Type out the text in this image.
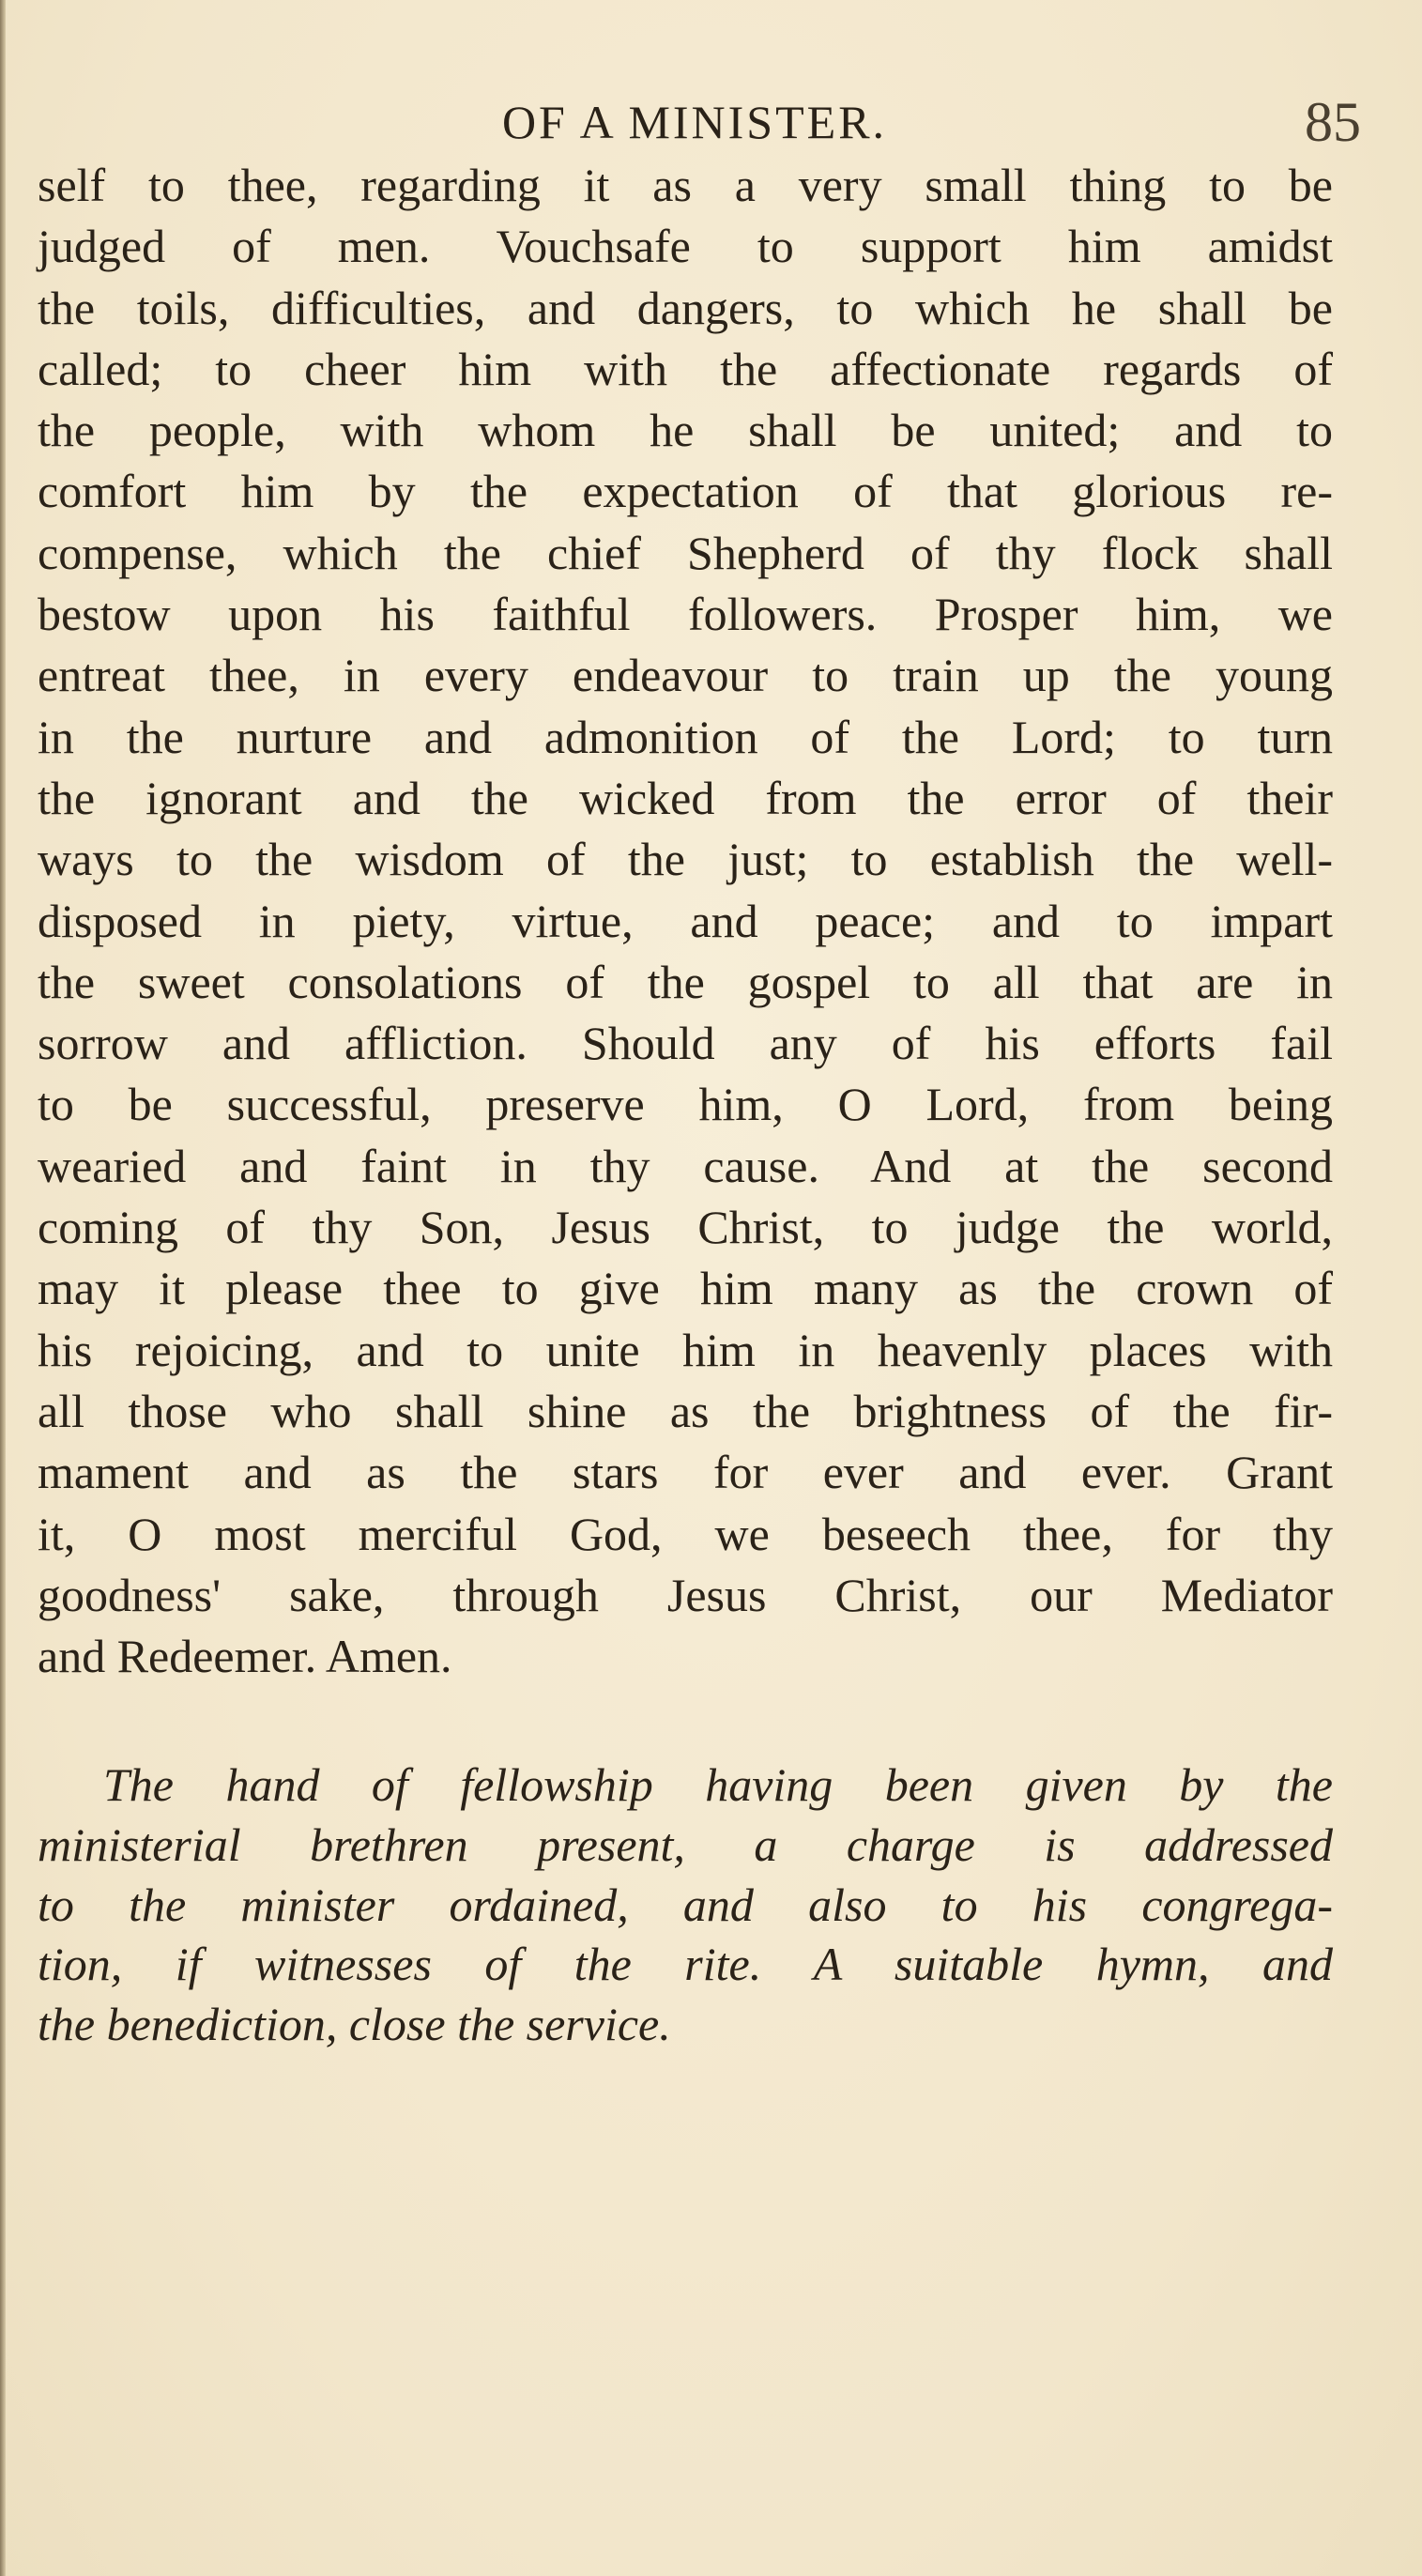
OF A MINISTER.	85
self to thee, regarding it as a very small thing to be
judged of men. Vouchsafe to support him amidst
the toils, difficulties, and dangers, to which he shall be
called; to cheer him with the affectionate regards of
the people, with whom he shall be united; and to
comfort him by the expectation of that glorious re-
compense, which the chief Shepherd of thy flock shall
bestow upon his faithful followers. Prosper him, we
entreat thee, in every endeavour to train up the young
in the nurture and admonition of the Lord; to turn
the ignorant and the wicked from the error of their
ways to the wisdom of the just; to establish the well-
disposed in piety, virtue, and peace; and to impart
the sweet consolations of the gospel to all that are in
sorrow and affliction. Should any of his efforts fail
to be successful, preserve him, O Lord, from being
wearied and faint in thy cause. And at the second
coming of thy Son, Jesus Christ, to judge the world,
may it please thee to give him many as the crown of
his rejoicing, and to unite him in heavenly places with
all those who shall shine as the brightness of the fir-
mament and as the stars for ever and ever. Grant
it, O most merciful God, we beseech thee, for thy
goodness' sake, through Jesus Christ, our Mediator
and Redeemer. Amen.
The hand of fellowship having been given by the
ministerial brethren present, a charge is addressed
to the minister ordained, and also to his congrega-
tion, if witnesses of the rite. A suitable hymn, and
the benediction, close the service.
